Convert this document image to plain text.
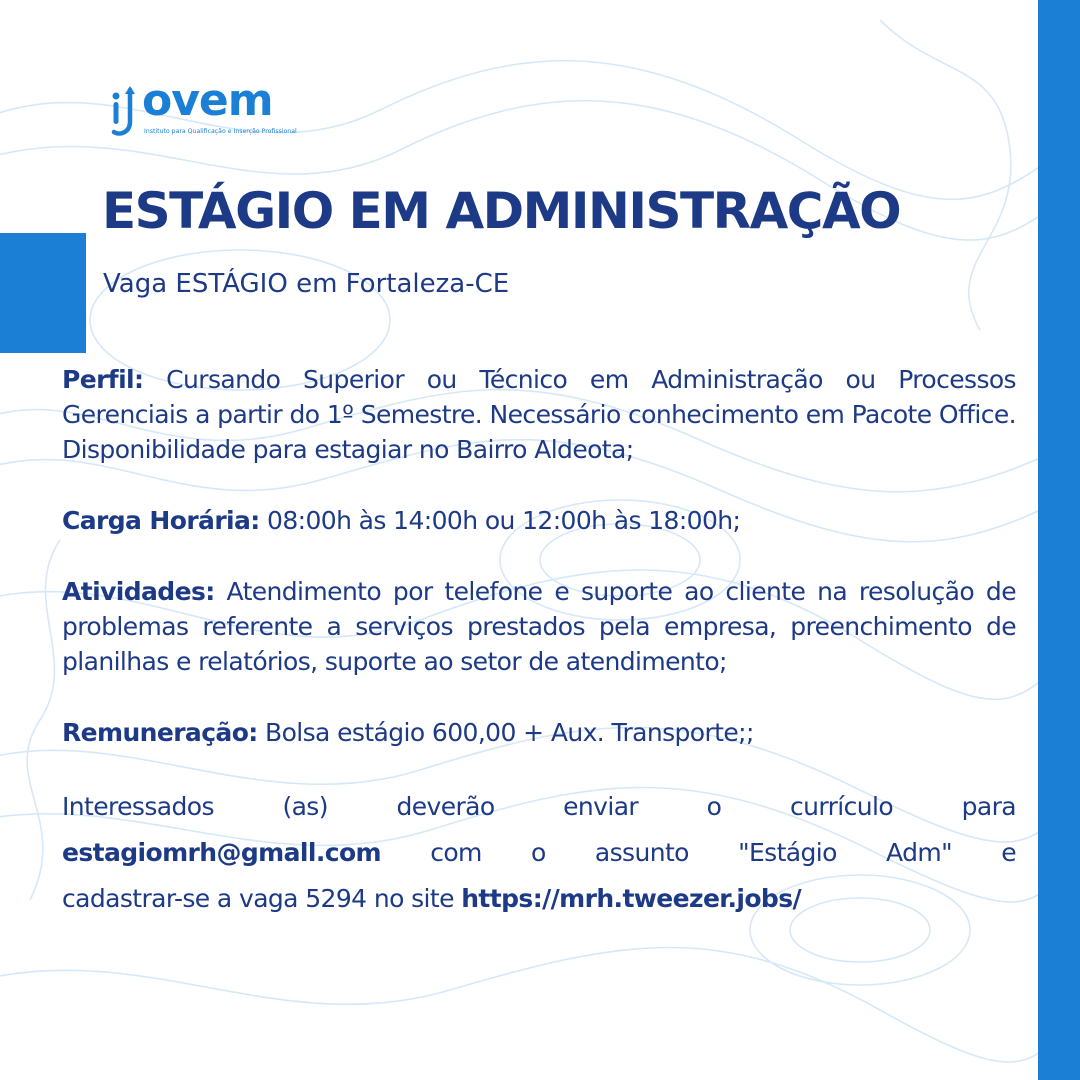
ovem
Instituto para Qualificação e Inserção Profissional
ESTÁGIO EM ADMINISTRAÇÃO
Vaga ESTÁGIO em Fortaleza-CE

Perfil: Cursando Superior ou Técnico em Administração ou Processos Gerenciais a partir do 1º Semestre. Necessário conhecimento em Pacote Office. Disponibilidade para estagiar no Bairro Aldeota;

Carga Horária: 08:00h às 14:00h ou 12:00h às 18:00h;

Atividades: Atendimento por telefone e suporte ao cliente na resolução de problemas referente a serviços prestados pela empresa, preenchimento de planilhas e relatórios, suporte ao setor de atendimento;

Remuneração: Bolsa estágio 600,00 + Aux. Transporte;;

Interessados	(as)	deverão	enviar	o	currículo	para
estagiomrh@gmall.com com o assunto "Estágio Adm" e
cadastrar-se a vaga 5294 no site https://mrh.tweezer.jobs/
